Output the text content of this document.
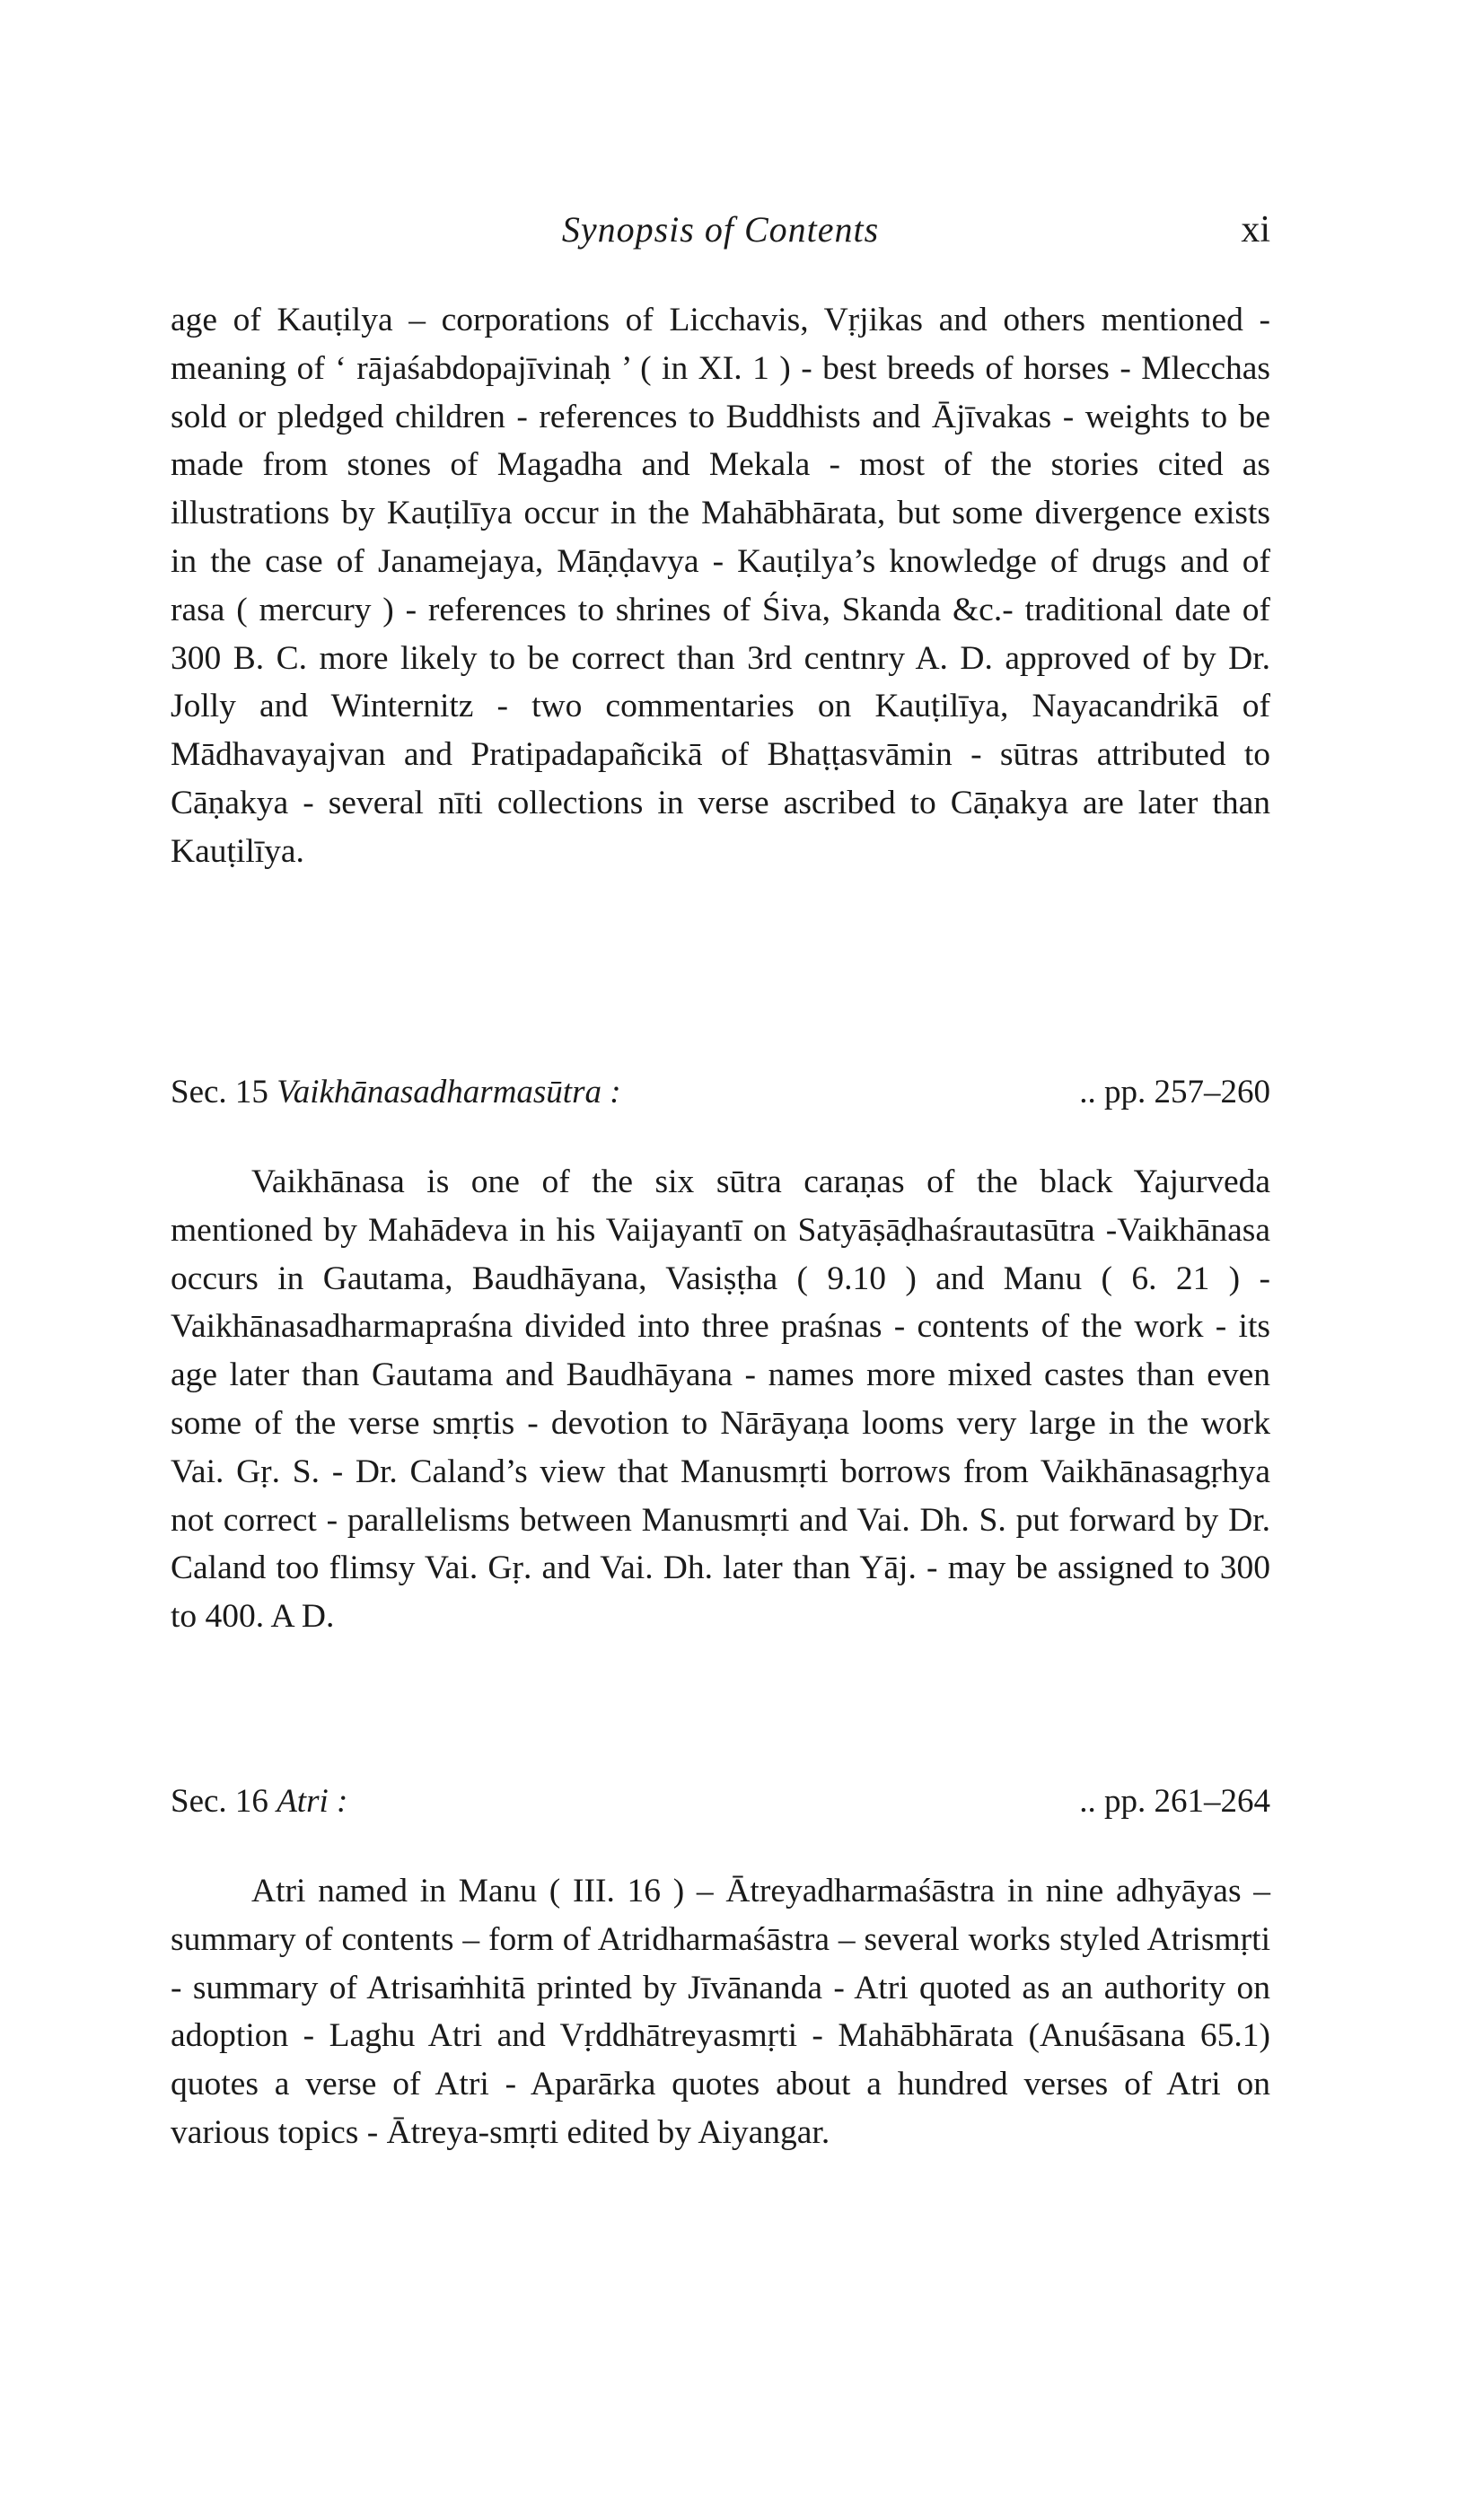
Synopsis of Contents	xi
age of Kauṭilya – corporations of Licchavis, Vṛjikas and others mentioned - meaning of ‘ rājaśabdopajīvinaḥ ’ ( in XI. 1 ) - best breeds of horses - Mlecchas sold or pledged children - references to Buddhists and Ājīvakas - weights to be made from stones of Magadha and Mekala - most of the stories cited as illustrations by Kauṭilīya occur in the Mahābhārata, but some divergence exists in the case of Janamejaya, Māṇḍavya - Kauṭilya’s knowledge of drugs and of rasa ( mercury ) - references to shrines of Śiva, Skanda &c.- traditional date of 300 B. C. more likely to be correct than 3rd centnry A. D. approved of by Dr. Jolly and Winternitz - two commentaries on Kauṭilīya, Nayacandrikā of Mādhavayajvan and Pratipadapañcikā of Bhaṭṭasvāmin - sūtras attributed to Cāṇakya - several nīti collections in verse ascribed to Cāṇakya are later than Kauṭilīya.
Sec. 15 Vaikhānasadharmasūtra :	.. pp. 257–260
Vaikhānasa is one of the six sūtra caraṇas of the black Yajurveda mentioned by Mahādeva in his Vaijayantī on Satyāṣāḍhaśrautasūtra -Vaikhānasa occurs in Gautama, Baudhāyana, Vasiṣṭha ( 9.10 ) and Manu ( 6. 21 ) - Vaikhānasadharmapraśna divided into three praśnas - contents of the work - its age later than Gautama and Baudhāyana - names more mixed castes than even some of the verse smṛtis - devotion to Nārāyaṇa looms very large in the work Vai. Gṛ. S. - Dr. Caland’s view that Manusmṛti borrows from Vaikhānasagṛhya not correct - parallelisms between Manusmṛti and Vai. Dh. S. put forward by Dr. Caland too flimsy Vai. Gṛ. and Vai. Dh. later than Yāj. - may be assigned to 300 to 400. A D.
Sec. 16 Atri :	.. pp. 261–264
Atri named in Manu ( III. 16 ) – Ātreyadharmaśāstra in nine adhyāyas – summary of contents – form of Atridharmaśāstra – several works styled Atrismṛti - summary of Atrisaṁhitā printed by Jīvānanda - Atri quoted as an authority on adoption - Laghu Atri and Vṛddhātreyasmṛti - Mahābhārata (Anuśāsana 65.1) quotes a verse of Atri - Aparārka quotes about a hundred verses of Atri on various topics - Ātreya-smṛti edited by Aiyangar.
